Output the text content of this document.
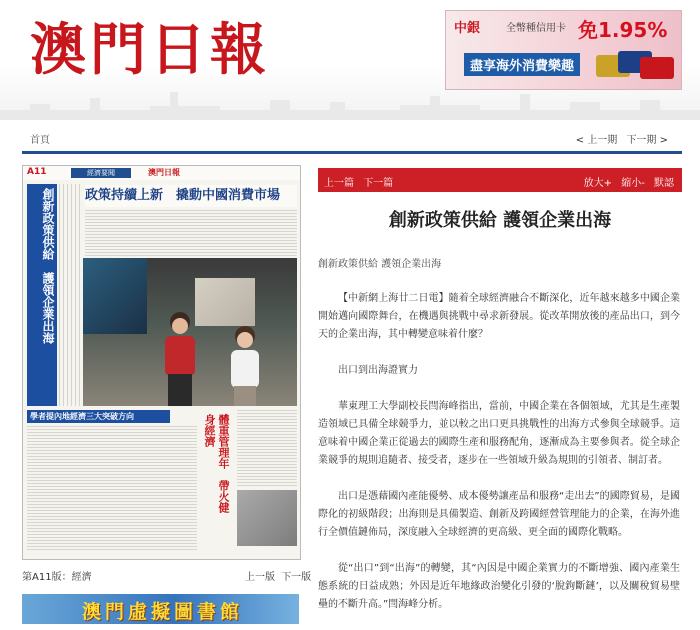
澳門日報	中銀	全幣種信用卡 免1.95%
盡享海外消費樂趣
首頁	< 上一期 下一期 >
A11	經濟要聞	澳門日報
創新政策供給　護領企業出海 政策持續上新　撬動中國消費市場
學者提內地經濟三大突破方向	體重管理年　帶火健身經濟
第A11版：經濟	上一版 下一版
澳門虛擬圖書館
上一篇 下一篇	放大+ 縮小- 默認
創新政策供給 護領企業出海
創新政策供給 護領企業出海

【中新網上海廿二日電】隨着全球經濟融合不斷深化，近年越來越多中國企業開始邁向國際舞台，在機遇與挑戰中尋求新發展。從改革開放後的產品出口，到今天的企業出海，其中轉變意味着什麼？

出口到出海證實力

華東理工大學副校長閆海峰指出，當前，中國企業在各個領域，尤其是生產製造領域已具備全球競爭力，並以較之出口更具挑戰性的出海方式參與全球競爭。這意味着中國企業正從過去的國際生產和服務配角，逐漸成為主要參與者。從全球企業競爭的規則追隨者、接受者，逐步在一些領域升級為規則的引領者、制訂者。

出口是憑藉國內產能優勢、成本優勢讓產品和服務“走出去”的國際貿易，是國際化的初級階段；出海則是具備製造、創新及跨國經營管理能力的企業，在海外進行全價值鏈佈局，深度融入全球經濟的更高級、更全面的國際化戰略。

從“出口”到“出海”的轉變，其“內因是中國企業實力的不斷增強、國內產業生態系統的日益成熟；外因是近年地緣政治變化引發的‘脫鉤斷鏈’，以及關稅貿易壁壘的不斷升高。”閆海峰分析。
